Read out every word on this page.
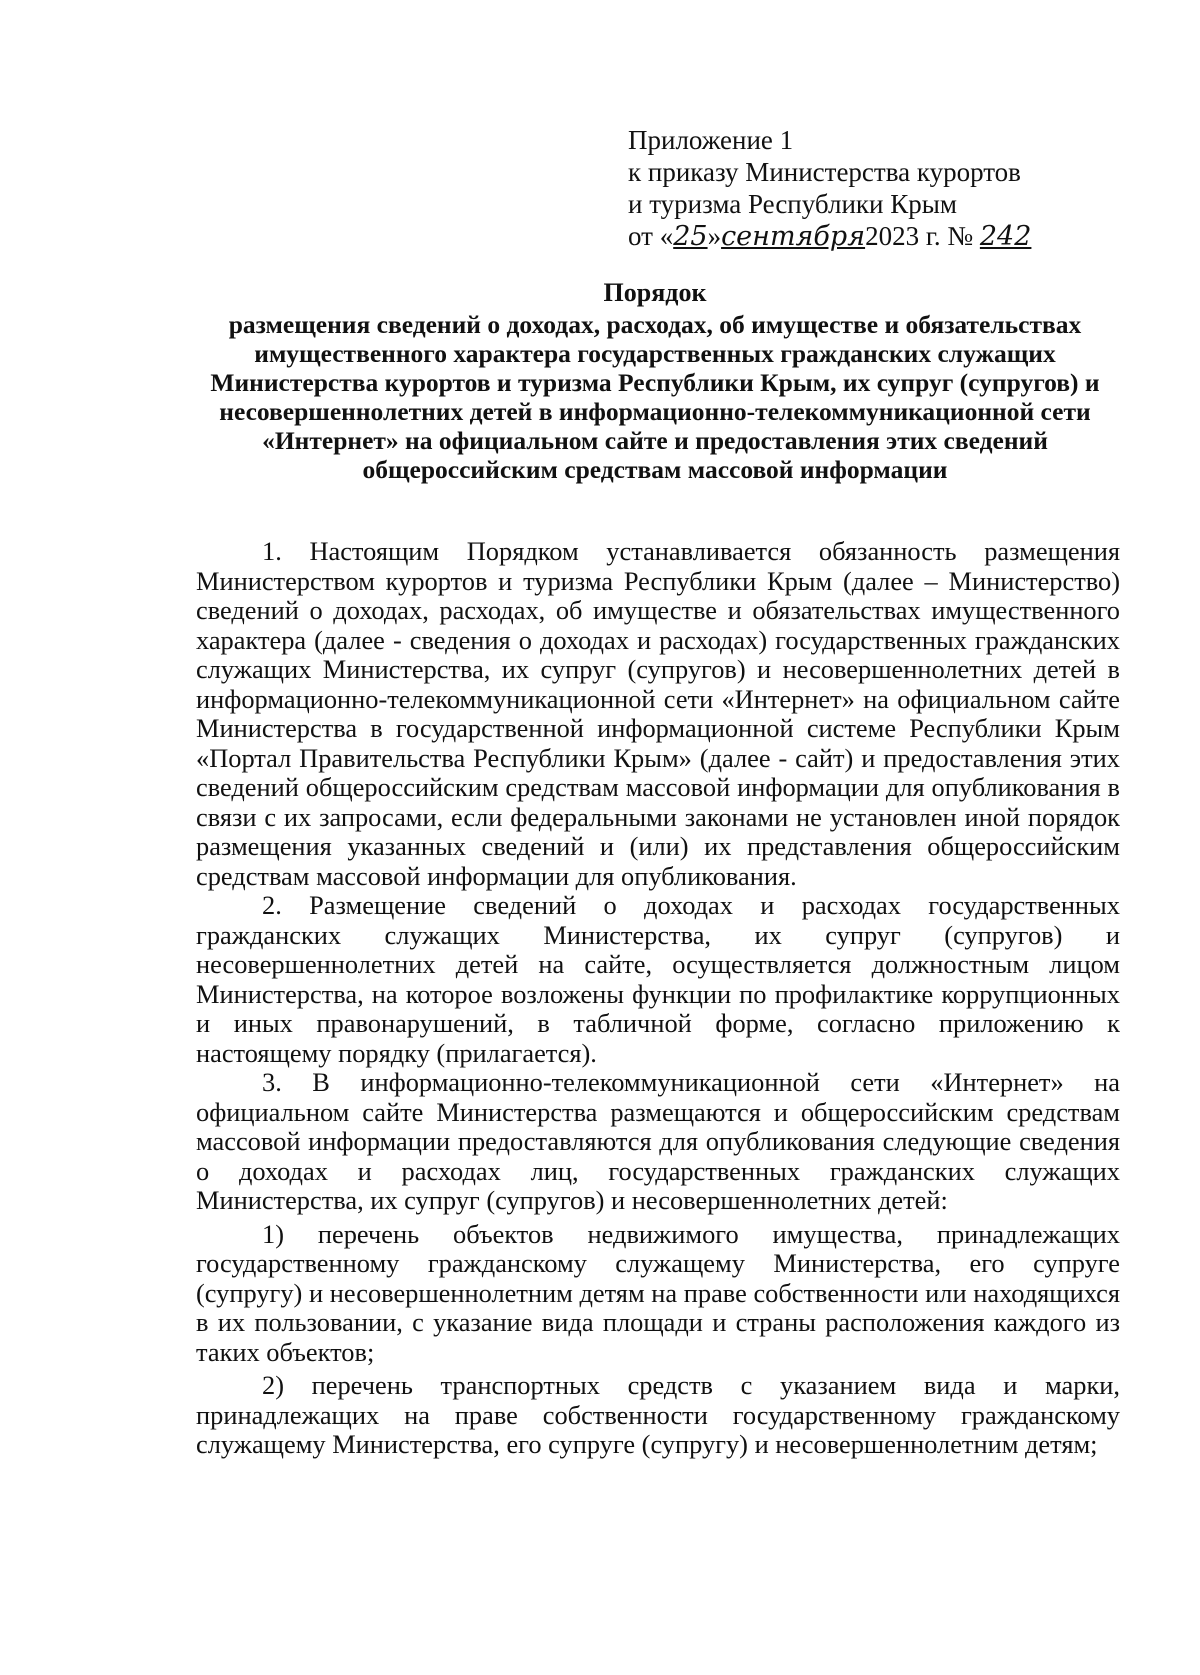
Приложение 1
к приказу Министерства курортов
и туризма Республики Крым
от «25»сентября2023 г. № 242
Порядок
размещения сведений о доходах, расходах, об имуществе и обязательствах имущественного характера государственных гражданских служащих Министерства курортов и туризма Республики Крым, их супруг (супругов) и несовершеннолетних детей в информационно-телекоммуникационной сети «Интернет» на официальном сайте и предоставления этих сведений общероссийским средствам массовой информации

1. Настоящим Порядком устанавливается обязанность размещения Министерством курортов и туризма Республики Крым (далее – Министерство) сведений о доходах, расходах, об имуществе и обязательствах имущественного характера (далее - сведения о доходах и расходах) государственных гражданских служащих Министерства, их супруг (супругов) и несовершеннолетних детей в информационно-телекоммуникационной сети «Интернет» на официальном сайте Министерства в государственной информационной системе Республики Крым «Портал Правительства Республики Крым» (далее - сайт) и предоставления этих сведений общероссийским средствам массовой информации для опубликования в связи с их запросами, если федеральными законами не установлен иной порядок размещения указанных сведений и (или) их представления общероссийским средствам массовой информации для опубликования.

2. Размещение сведений о доходах и расходах государственных гражданских служащих Министерства, их супруг (супругов) и несовершеннолетних детей на сайте, осуществляется должностным лицом Министерства, на которое возложены функции по профилактике коррупционных и иных правонарушений, в табличной форме, согласно приложению к настоящему порядку (прилагается).

3. В информационно-телекоммуникационной сети «Интернет» на официальном сайте Министерства размещаются и общероссийским средствам массовой информации предоставляются для опубликования следующие сведения о доходах и расходах лиц, государственных гражданских служащих Министерства, их супруг (супругов) и несовершеннолетних детей:

1) перечень объектов недвижимого имущества, принадлежащих государственному гражданскому служащему Министерства, его супруге (супругу) и несовершеннолетним детям на праве собственности или находящихся в их пользовании, с указание вида площади и страны расположения каждого из таких объектов;

2) перечень транспортных средств с указанием вида и марки, принадлежащих на праве собственности государственному гражданскому служащему Министерства, его супруге (супругу) и несовершеннолетним детям;
